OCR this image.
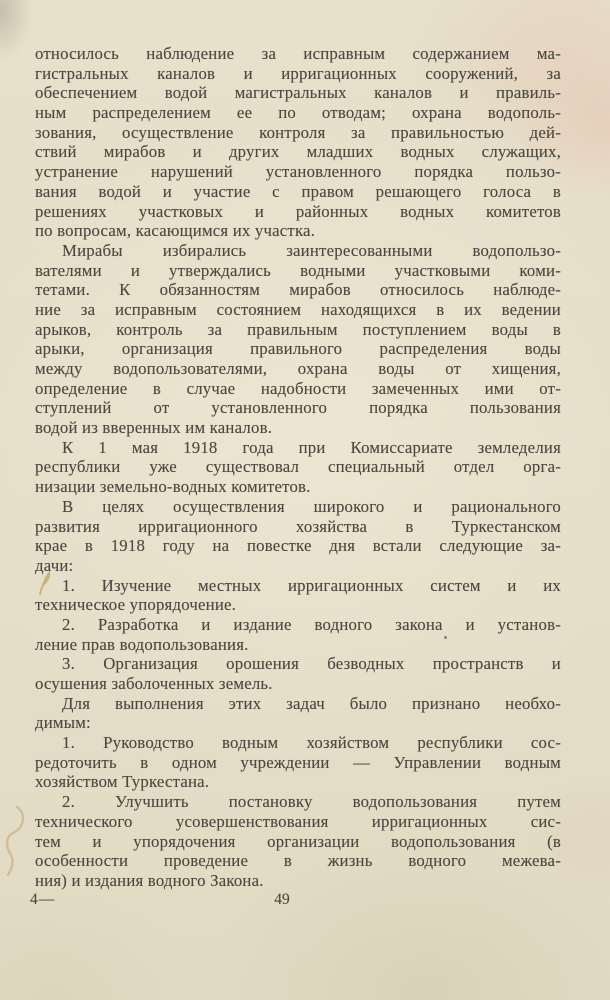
относилось наблюдение за исправным содержанием ма-
гистральных каналов и ирригационных сооружений, за
обеспечением водой магистральных каналов и правиль-
ным распределением ее по отводам; охрана водополь-
зования, осуществление контроля за правильностью дей-
ствий мирабов и других младших водных служащих,
устранение нарушений установленного порядка пользо-
вания водой и участие с правом решающего голоса в
решениях участковых и районных водных комитетов
по вопросам, касающимся их участка.
Мирабы избирались заинтересованными водопользо-
вателями и утверждались водными участковыми коми-
тетами. К обязанностям мирабов относилось наблюде-
ние за исправным состоянием находящихся в их ведении
арыков, контроль за правильным поступлением воды в
арыки, организация правильного распределения воды
между водопользователями, охрана воды от хищения,
определение в случае надобности замеченных ими от-
ступлений от установленного порядка пользования
водой из вверенных им каналов.
К 1 мая 1918 года при Комиссариате земледелия
республики уже существовал специальный отдел орга-
низации земельно-водных комитетов.
В целях осуществления широкого и рационального
развития ирригационного хозяйства в Туркестанском
крае в 1918 году на повестке дня встали следующие за-
дачи:
1. Изучение местных ирригационных систем и их
техническое упорядочение.
2. Разработка и издание водного закона и установ-
ление прав водопользования.
3. Организация орошения безводных пространств и
осушения заболоченных земель.
Для выполнения этих задач было признано необхо-
димым:
1. Руководство водным хозяйством республики сос-
редоточить в одном учреждении — Управлении водным
хозяйством Туркестана.
2. Улучшить постановку водопользования путем
технического усовершенствования ирригационных сис-
тем и упорядочения организации водопользования (в
особенности проведение в жизнь водного межева-
ния) и издания водного Закона.
4—	49
